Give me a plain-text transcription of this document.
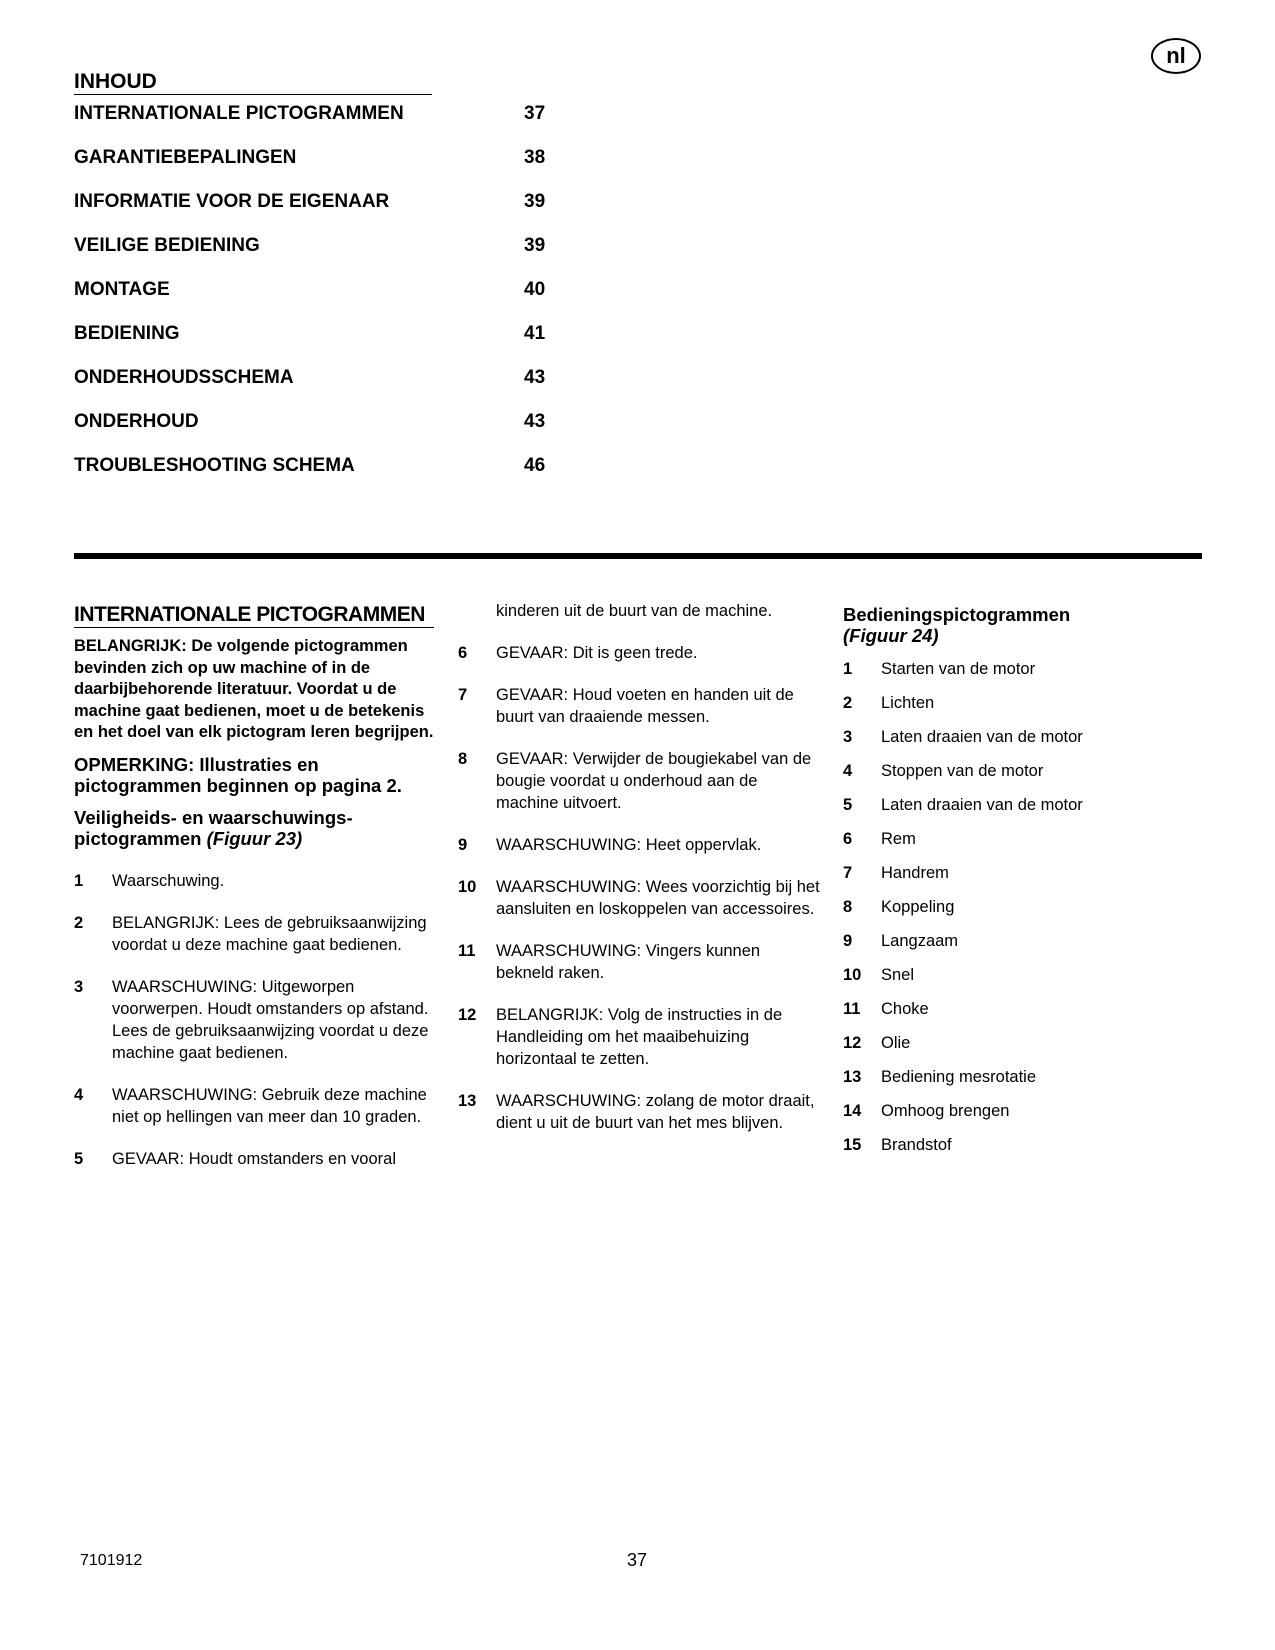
nl
INHOUD
INTERNATIONALE PICTOGRAMMEN	37
GARANTIEBEPALINGEN	38
INFORMATIE VOOR DE EIGENAAR	39
VEILIGE BEDIENING	39
MONTAGE	40
BEDIENING	41
ONDERHOUDSSCHEMA	43
ONDERHOUD	43
TROUBLESHOOTING SCHEMA	46
INTERNATIONALE PICTOGRAMMEN

BELANGRIJK: De volgende pictogrammen bevinden zich op uw machine of in de daarbijbehorende literatuur. Voordat u de machine gaat bedienen, moet u de betekenis en het doel van elk pictogram leren begrijpen.

OPMERKING: Illustraties en pictogrammen beginnen op pagina 2.

Veiligheids- en waarschuwings-pictogrammen (Figuur 23)

1	Waarschuwing.
2	BELANGRIJK: Lees de gebruiksaanwijzing voordat u deze machine gaat bedienen.
3	WAARSCHUWING: Uitgeworpen voorwerpen. Houdt omstanders op afstand. Lees de gebruiksaanwijzing voordat u deze machine gaat bedienen.
4	WAARSCHUWING: Gebruik deze machine niet op hellingen van meer dan 10 graden.
5	GEVAAR: Houdt omstanders en vooral
kinderen uit de buurt van de machine.
6	GEVAAR: Dit is geen trede.
7	GEVAAR: Houd voeten en handen uit de buurt van draaiende messen.
8	GEVAAR: Verwijder de bougiekabel van de bougie voordat u onderhoud aan de machine uitvoert.
9	WAARSCHUWING: Heet oppervlak.
10	WAARSCHUWING: Wees voorzichtig bij het aansluiten en loskoppelen van accessoires.
11	WAARSCHUWING: Vingers kunnen bekneld raken.
12	BELANGRIJK: Volg de instructies in de Handleiding om het maaibehuizing horizontaal te zetten.
13	WAARSCHUWING: zolang de motor draait, dient u uit de buurt van het mes blijven.

Bedieningspictogrammen
(Figuur 24)

1	Starten van de motor
2	Lichten
3	Laten draaien van de motor
4	Stoppen van de motor
5	Laten draaien van de motor
6	Rem
7	Handrem
8	Koppeling
9	Langzaam
10	Snel
11	Choke
12	Olie
13	Bediening mesrotatie
14	Omhoog brengen
15	Brandstof
7101912	37
